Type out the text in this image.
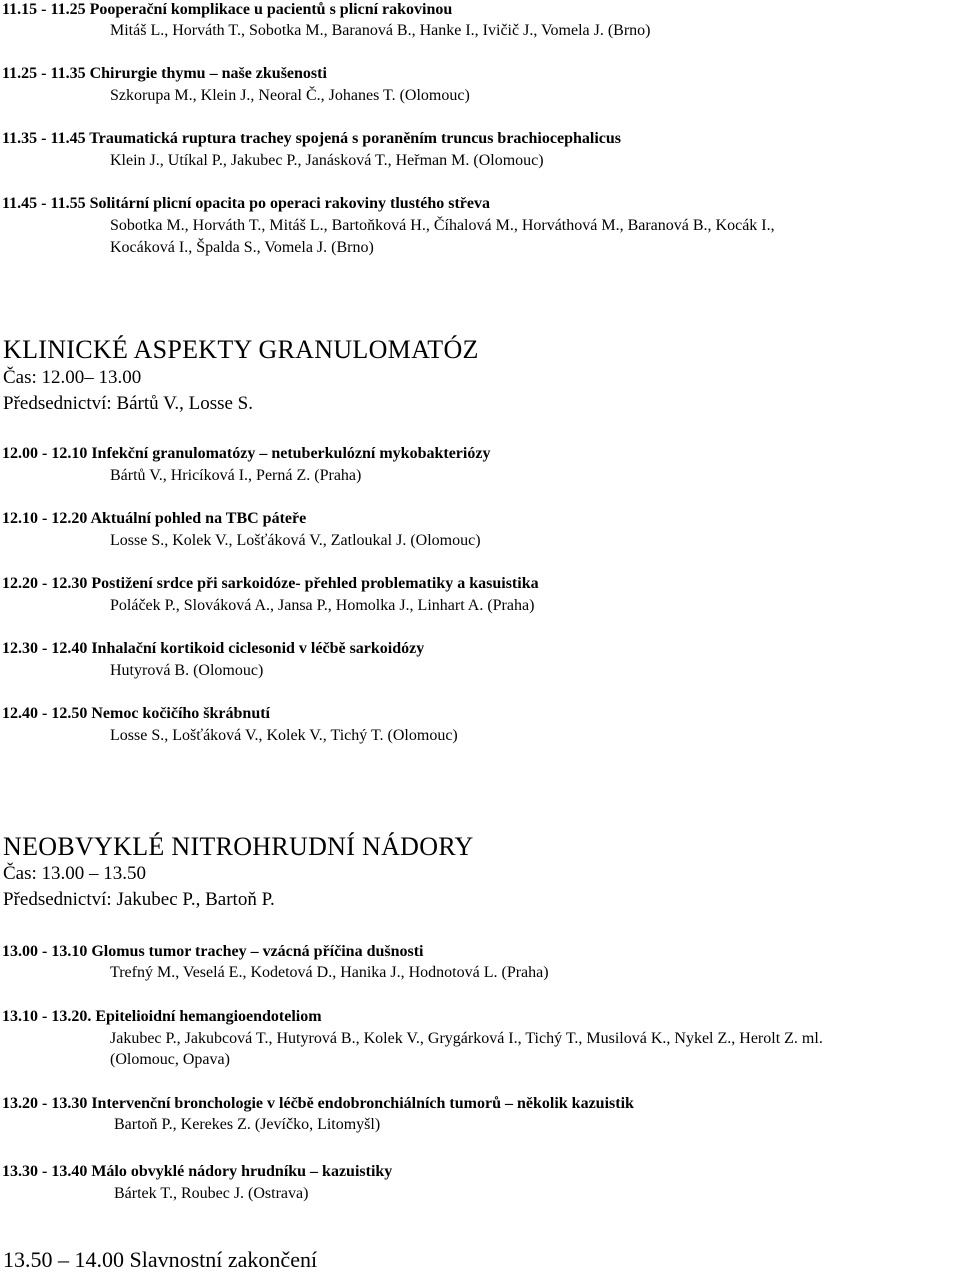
11.15 - 11.25 Pooperační komplikace u pacientů s plicní rakovinou
Mitáš L., Horváth T., Sobotka M., Baranová B., Hanke I., Ivičič J., Vomela J. (Brno)
11.25 - 11.35 Chirurgie thymu – naše zkušenosti
Szkorupa M., Klein J., Neoral Č., Johanes T. (Olomouc)
11.35 - 11.45 Traumatická ruptura trachey spojená s poraněním truncus brachiocephalicus
Klein J., Utíkal P., Jakubec P., Janásková T., Heřman M. (Olomouc)
11.45 - 11.55 Solitární plicní opacita po operaci rakoviny tlustého střeva
Sobotka M., Horváth T., Mitáš L., Bartoňková H., Číhalová M., Horváthová M., Baranová B., Kocák I.,
Kocáková I., Špalda S., Vomela J. (Brno)
KLINICKÉ ASPEKTY GRANULOMATÓZ
Čas: 12.00– 13.00
Předsednictví: Bártů V., Losse S.
12.00 - 12.10 Infekční granulomatózy – netuberkulózní mykobakteriózy
Bártů V., Hricíková I., Perná Z. (Praha)
12.10 - 12.20 Aktuální pohled na TBC páteře
Losse S., Kolek V., Lošťáková V., Zatloukal J. (Olomouc)
12.20 - 12.30 Postižení srdce při sarkoidóze- přehled problematiky a kasuistika
Poláček P., Slováková A., Jansa P., Homolka J., Linhart A. (Praha)
12.30 - 12.40 Inhalační kortikoid ciclesonid v léčbě sarkoidózy
Hutyrová B. (Olomouc)
12.40 - 12.50 Nemoc kočičího škrábnutí
Losse S., Lošťáková V., Kolek V., Tichý T. (Olomouc)
NEOBVYKLÉ NITROHRUDNÍ NÁDORY
Čas: 13.00 – 13.50
Předsednictví: Jakubec P., Bartoň P.
13.00 - 13.10 Glomus tumor trachey – vzácná příčina dušnosti
Trefný M., Veselá E., Kodetová D., Hanika J., Hodnotová L. (Praha)
13.10 - 13.20. Epitelioidní hemangioendoteliom
Jakubec P., Jakubcová T., Hutyrová B., Kolek V., Grygárková I., Tichý T., Musilová K., Nykel Z., Herolt Z. ml.
(Olomouc, Opava)
13.20 - 13.30 Intervenční bronchologie v léčbě endobronchiálních tumorů – několik kazuistik
Bartoň P., Kerekes Z. (Jevíčko, Litomyšl)
13.30 - 13.40 Málo obvyklé nádory hrudníku – kazuistiky
Bártek T., Roubec J. (Ostrava)
13.50 – 14.00 Slavnostní zakončení
